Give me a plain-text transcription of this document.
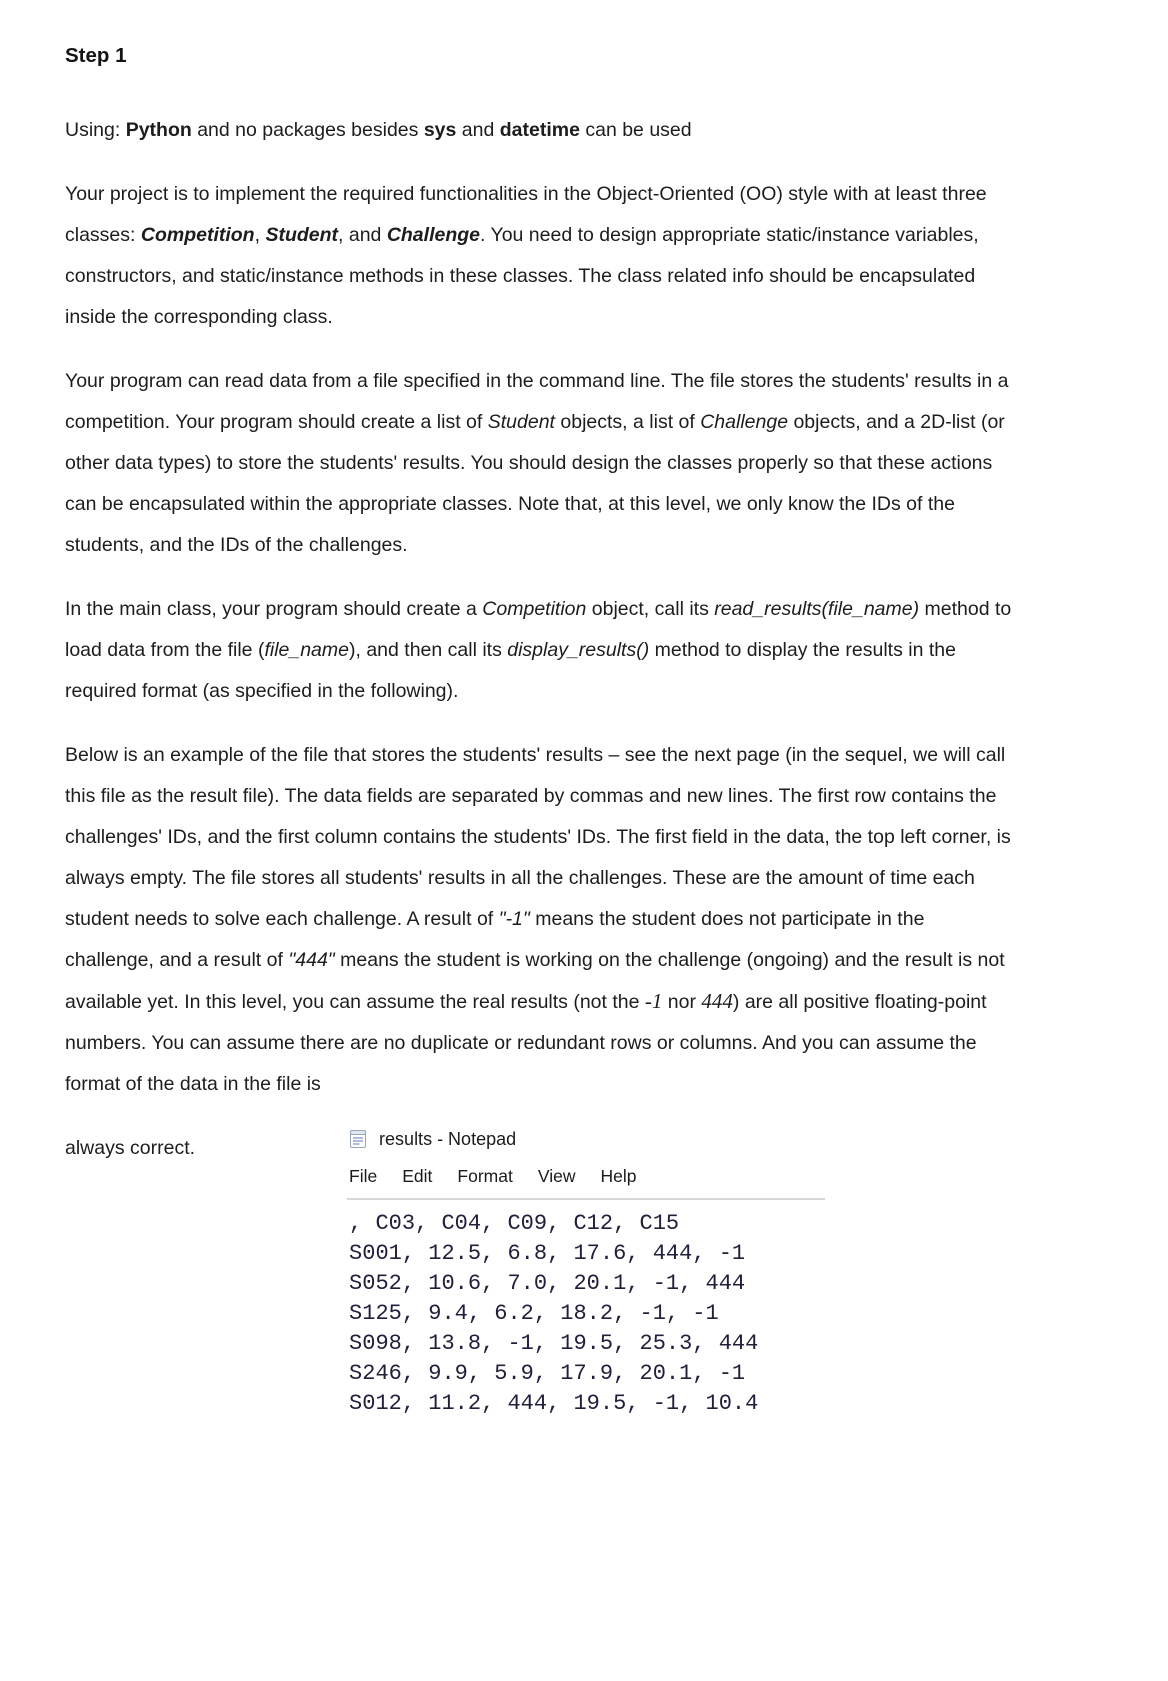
Step 1

Using: Python and no packages besides sys and datetime can be used

Your project is to implement the required functionalities in the Object-Oriented (OO) style with at least three classes: Competition, Student, and Challenge. You need to design appropriate static/instance variables, constructors, and static/instance methods in these classes. The class related info should be encapsulated inside the corresponding class.

Your program can read data from a file specified in the command line. The file stores the students' results in a competition. Your program should create a list of Student objects, a list of Challenge objects, and a 2D-list (or other data types) to store the students' results. You should design the classes properly so that these actions can be encapsulated within the appropriate classes. Note that, at this level, we only know the IDs of the students, and the IDs of the challenges.

In the main class, your program should create a Competition object, call its read_results(file_name) method to load data from the file (file_name), and then call its display_results() method to display the results in the required format (as specified in the following).

Below is an example of the file that stores the students' results – see the next page (in the sequel, we will call this file as the result file). The data fields are separated by commas and new lines. The first row contains the challenges' IDs, and the first column contains the students' IDs. The first field in the data, the top left corner, is always empty. The file stores all students' results in all the challenges. These are the amount of time each student needs to solve each challenge. A result of "-1" means the student does not participate in the challenge, and a result of "444" means the student is working on the challenge (ongoing) and the result is not available yet. In this level, you can assume the real results (not the -1 nor 444) are all positive floating-point numbers. You can assume there are no duplicate or redundant rows or columns. And you can assume the format of the data in the file is

always correct.	results - Notepad
File Edit Format View Help
, C03, C04, C09, C12, C15
S001, 12.5, 6.8, 17.6, 444, -1
S052, 10.6, 7.0, 20.1, -1, 444
S125, 9.4, 6.2, 18.2, -1, -1
S098, 13.8, -1, 19.5, 25.3, 444
S246, 9.9, 5.9, 17.9, 20.1, -1
S012, 11.2, 444, 19.5, -1, 10.4
